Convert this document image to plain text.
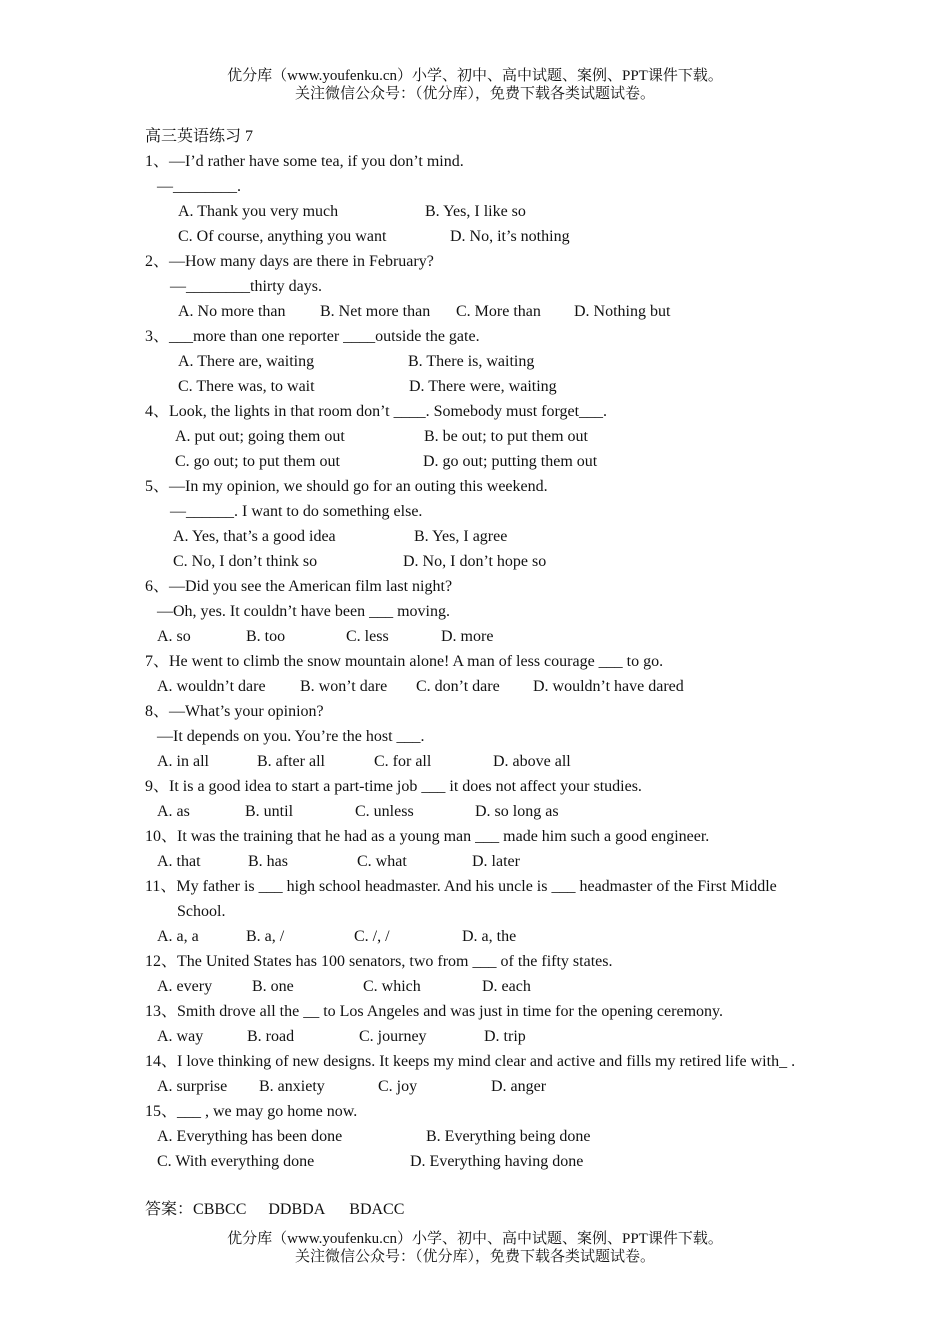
优分库（www.youfenku.cn）小学、初中、高中试题、案例、PPT课件下载。
关注微信公众号：（优分库），免费下载各类试题试卷。
高三英语练习 7
1、—I’d rather have some tea, if you don’t mind.
—________.
A. Thank you very much	B. Yes, I like so
C. Of course, anything you want	D. No, it’s nothing
2、—How many days are there in February?
—________thirty days.
A. No more than B. Net more than C. More than D. Nothing but
3、___more than one reporter ____outside the gate.
A. There are, waiting	B. There is, waiting
C. There was, to wait	D. There were, waiting
4、Look, the lights in that room don’t ____. Somebody must forget___.
A. put out; going them out	B. be out; to put them out
C. go out; to put them out	D. go out; putting them out
5、—In my opinion, we should go for an outing this weekend.
—______. I want to do something else.
A. Yes, that’s a good idea	B. Yes, I agree
C. No, I don’t think so	D. No, I don’t hope so
6、—Did you see the American film last night?
—Oh, yes. It couldn’t have been ___ moving.
A. so	B. too	C. less	D. more
7、He went to climb the snow mountain alone! A man of less courage ___ to go.
A. wouldn’t dare B. won’t dare C. don’t dare D. wouldn’t have dared
8、—What’s your opinion?
—It depends on you. You’re the host ___.
A. in all	B. after all	C. for all	D. above all
9、It is a good idea to start a part-time job ___ it does not affect your studies.
A. as	B. until	C. unless	D. so long as
10、It was the training that he had as a young man ___ made him such a good engineer.
A. that	B. has	C. what	D. later
11、My father is ___ high school headmaster. And his uncle is ___ headmaster of the First Middle
School.
A. a, a	B. a, /	C. /, /	D. a, the
12、The United States has 100 senators, two from ___ of the fifty states.
A. every B. one	C. which	D. each
13、Smith drove all the __ to Los Angeles and was just in time for the opening ceremony.
A. way	B. road	C. journey	D. trip
14、I love thinking of new designs. It keeps my mind clear and active and fills my retired life with_ .
A. surprise B. anxiety	C. joy	D. anger
15、___ , we may go home now.
A. Everything has been done	B. Everything being done
C. With everything done	D. Everything having done
答案：CBBCC DDBDA BDACC
优分库（www.youfenku.cn）小学、初中、高中试题、案例、PPT课件下载。
关注微信公众号：（优分库），免费下载各类试题试卷。
